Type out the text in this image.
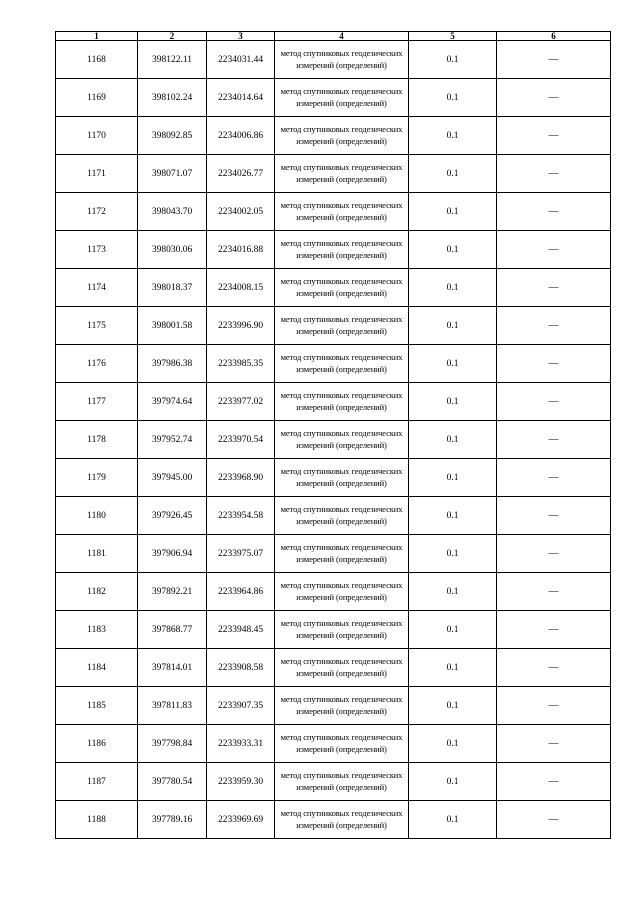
1	2	3	4	5	6
1168	398122.11	2234031.44	метод спутниковых геодезических измерений (определений)	0.1	—
1169	398102.24	2234014.64	метод спутниковых геодезических измерений (определений)	0.1	—
1170	398092.85	2234006.86	метод спутниковых геодезических измерений (определений)	0.1	—
1171	398071.07	2234026.77	метод спутниковых геодезических измерений (определений)	0.1	—
1172	398043.70	2234002.05	метод спутниковых геодезических измерений (определений)	0.1	—
1173	398030.06	2234016.88	метод спутниковых геодезических измерений (определений)	0.1	—
1174	398018.37	2234008.15	метод спутниковых геодезических измерений (определений)	0.1	—
1175	398001.58	2233996.90	метод спутниковых геодезических измерений (определений)	0.1	—
1176	397986.38	2233985.35	метод спутниковых геодезических измерений (определений)	0.1	—
1177	397974.64	2233977.02	метод спутниковых геодезических измерений (определений)	0.1	—
1178	397952.74	2233970.54	метод спутниковых геодезических измерений (определений)	0.1	—
1179	397945.00	2233968.90	метод спутниковых геодезических измерений (определений)	0.1	—
1180	397926.45	2233954.58	метод спутниковых геодезических измерений (определений)	0.1	—
1181	397906.94	2233975.07	метод спутниковых геодезических измерений (определений)	0.1	—
1182	397892.21	2233964.86	метод спутниковых геодезических измерений (определений)	0.1	—
1183	397868.77	2233948.45	метод спутниковых геодезических измерений (определений)	0.1	—
1184	397814.01	2233908.58	метод спутниковых геодезических измерений (определений)	0.1	—
1185	397811.83	2233907.35	метод спутниковых геодезических измерений (определений)	0.1	—
1186	397798.84	2233933.31	метод спутниковых геодезических измерений (определений)	0.1	—
1187	397780.54	2233959.30	метод спутниковых геодезических измерений (определений)	0.1	—
1188	397789.16	2233969.69	метод спутниковых геодезических измерений (определений)	0.1	—
